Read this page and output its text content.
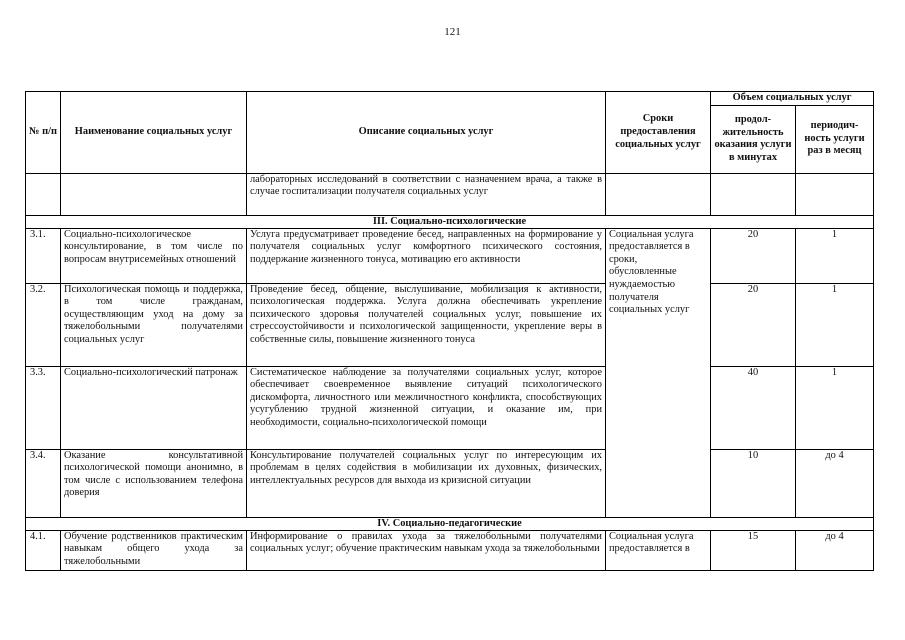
121
№ п/п	Наименование социальных услуг	Описание социальных услуг	Сроки предоставления социальных услуг	Объем социальных услуг	
				продол-жительность оказания услуги в минутах	периодич-ность услуги раз в месяц
		лабораторных исследований в соответствии с назначением врача, а также в случае госпитализации получателя социальных услуг			
III. Социально-психологические					
3.1.	Социально-психологическое консультирование, в том числе по вопросам внутрисемейных отношений	Услуга предусматривает проведение бесед, направленных на формирование у получателя социальных услуг комфортного психического состояния, поддержание жизненного тонуса, мотивацию его активности	Социальная услуга предоставляется в сроки, обусловленные нуждаемостью получателя социальных услуг	20	1
3.2.	Психологическая помощь и поддержка, в том числе гражданам, осуществляющим уход на дому за тяжелобольными получателями социальных услуг	Проведение бесед, общение, выслушивание, мобилизация к активности, психологическая поддержка. Услуга должна обеспечивать укрепление психического здоровья получателей социальных услуг, повышение их стрессоустойчивости и психологической защищенности, укрепление веры в собственные силы, повышение жизненного тонуса		20	1
3.3.	Социально-психологический патронаж	Систематическое наблюдение за получателями социальных услуг, которое обеспечивает своевременное выявление ситуаций психологического дискомфорта, личностного или межличностного конфликта, способствующих усугублению трудной жизненной ситуации, и оказание им, при необходимости, социально-психологической помощи		40	1
3.4.	Оказание консультативной психологической помощи анонимно, в том числе с использованием телефона доверия	Консультирование получателей социальных услуг по интересующим их проблемам в целях содействия в мобилизации их духовных, физических, интеллектуальных ресурсов для выхода из кризисной ситуации		10	до 4
IV. Социально-педагогические					
4.1.	Обучение родственников практическим навыкам общего ухода за тяжелобольными	Информирование о правилах ухода за тяжелобольными получателями социальных услуг; обучение практическим навыкам ухода за тяжелобольными	Социальная услуга предоставляется в	15	до 4
